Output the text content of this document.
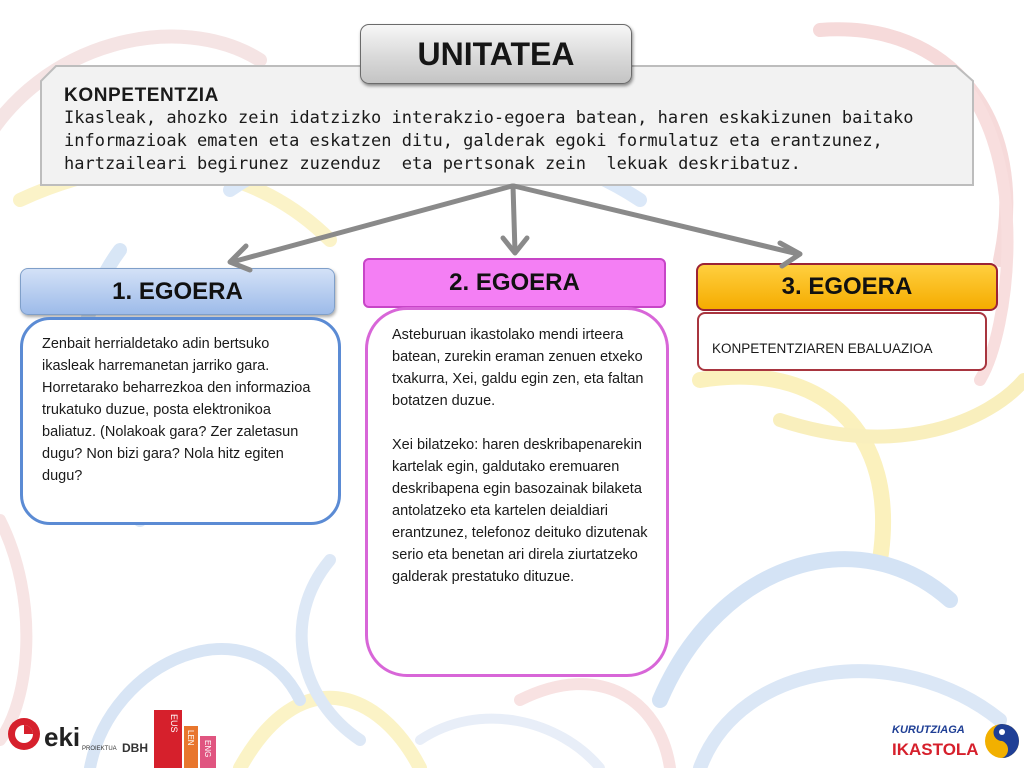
UNITATEA
KONPETENTZIA
Ikasleak, ahozko zein idatzizko interakzio-egoera batean, haren eskakizunen baitako
informazioak ematen eta eskatzen ditu, galderak egoki formulatuz eta erantzunez,
hartzaileari begirunez zuzenduz  eta pertsonak zein  lekuak deskribatuz.
1. EGOERA	2. EGOERA	3. EGOERA
Zenbait herrialdetako adin bertsuko ikasleak harremanetan jarriko gara. Horretarako beharrezkoa den informazioa trukatuko duzue, posta elektronikoa baliatuz. (Nolakoak gara? Zer zaletasun dugu? Non bizi gara? Nola hitz egiten dugu?

Asteburuan ikastolako mendi irteera batean, zurekin eraman zenuen etxeko txakurra, Xei, galdu egin zen, eta faltan botatzen duzue.

Xei bilatzeko: haren deskribapenarekin kartelak egin, galdutako eremuaren deskribapena egin basozainak bilaketa antolatzeko eta kartelen deialdiari erantzunez, telefonoz deituko dizutenak serio eta benetan ari direla ziurtatzeko galderak prestatuko dituzue.

KONPETENTZIAREN EBALUAZIOA
eki PROIEKTUA DBH
EUS
LEN
ENG
KURUTZIAGA
IKASTOLA
